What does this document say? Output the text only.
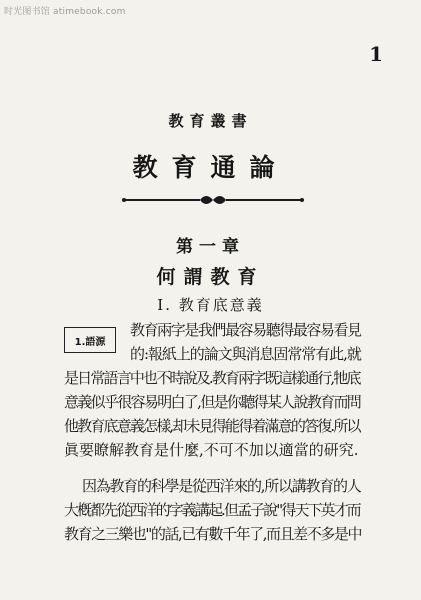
时光图书馆 atimebook.com
1
教育叢書
教育通論
第一章
何謂教育
I. 教育底意義
1.語源
教育兩字是我們最容易聽得最容易看見
的:報紙上的論文與消息固常常有此,就
是日常語言中也不時說及.教育兩字既這樣通行,牠底
意義似乎很容易明白了,但是你聽得某人說教育而問
他教育底意義怎樣,却未見得能得着滿意的答復.所以
眞要瞭解教育是什麼,不可不加以適當的研究.
因為教育的科學是從西洋來的,所以講教育的人
大槪都先從西洋的字義講起.但孟子說"得天下英才而
教育之三樂也"的話,已有數千年了,而且差不多是中
